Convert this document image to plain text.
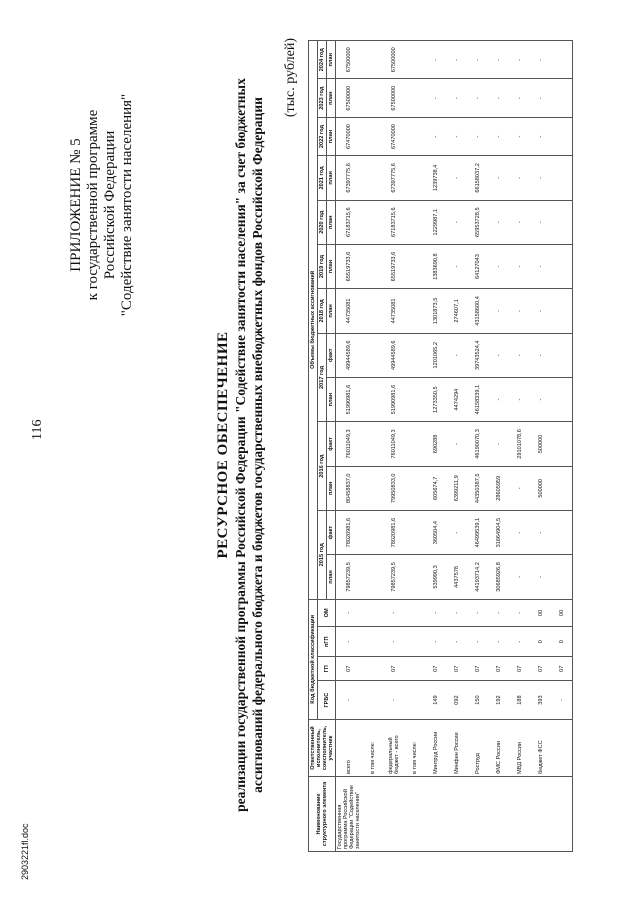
116
2903221fl.doc
ПРИЛОЖЕНИЕ № 5 к государственной программе Российской Федерации "Содействие занятости населения"
РЕСУРСНОЕ ОБЕСПЕЧЕНИЕ реализации государственной программы Российской Федерации "Содействие занятости населения" за счет бюджетных ассигнований федерального бюджета и бюджетов государственных внебюджетных фондов Российской Федерации
(тыс. рублей)
Наименование структурного элемента	Ответственный исполнитель, соисполнитель, участник	Код бюджетной классификации				Объемы бюджетных ассигнований												
		ГРБС	ГП	пГП	ОМ	2015 год		2016 год		2017 год		2018 год	2019 год	2020 год	2021 год	2022 год	2023 год	2024 год
						план	факт	план	факт	план	факт	план	план	план	план	план	план	план
Государственная программа Российской Федерации "Содействие занятости населения"	всего	-	07	-	-	79857239,5	78020981,6	80458837,0	76011049,3	51990981,6	49944589,6	44735081	65519733,6	67183715,6	67397775,6	67470000	67500000	67500000
	в том числе:																	
	федеральный бюджет - всего	-	07	-	-	79857239,5	78020981,6	79950833,0	76011049,3	51990981,6	49944589,6	44735081	65519733,6	67183715,6	67397775,6	67470000	67500000	67500000
	в том числе:																	
	Минтруд России	149	07	-	-	539990,3	360504,4	605674,7	690288	1273350,5	1201065,2	1301873,5	1383690,8	1229987,1	1239738,4	-	-	-
	Минфин России	092	07	-	-	4437578	-	6399211,9	-	4474294	-	274607,1	-	-	-	-	-	-
	Роструд	150	07	-	-	44193714,2	46499539,1	44350387,5	46190070,3	46158339,1	39743524,4	43158600,4	64127043	65953728,5	66158037,2	-	-	-
	ФМС России	192	07	-	-	30685926,8	31664904,5	28605959	-	-	-	-	-	-	-	-	-	-
	МВД России	188	07	-	-	-	-	-	29101078,6	-	-	-	-	-	-	-	-	-
	бюджет ФСС	393	07	0	00	-	-	500000	500000	-	-	-	-	-	-	-	-	-
		-	07	0	00													
